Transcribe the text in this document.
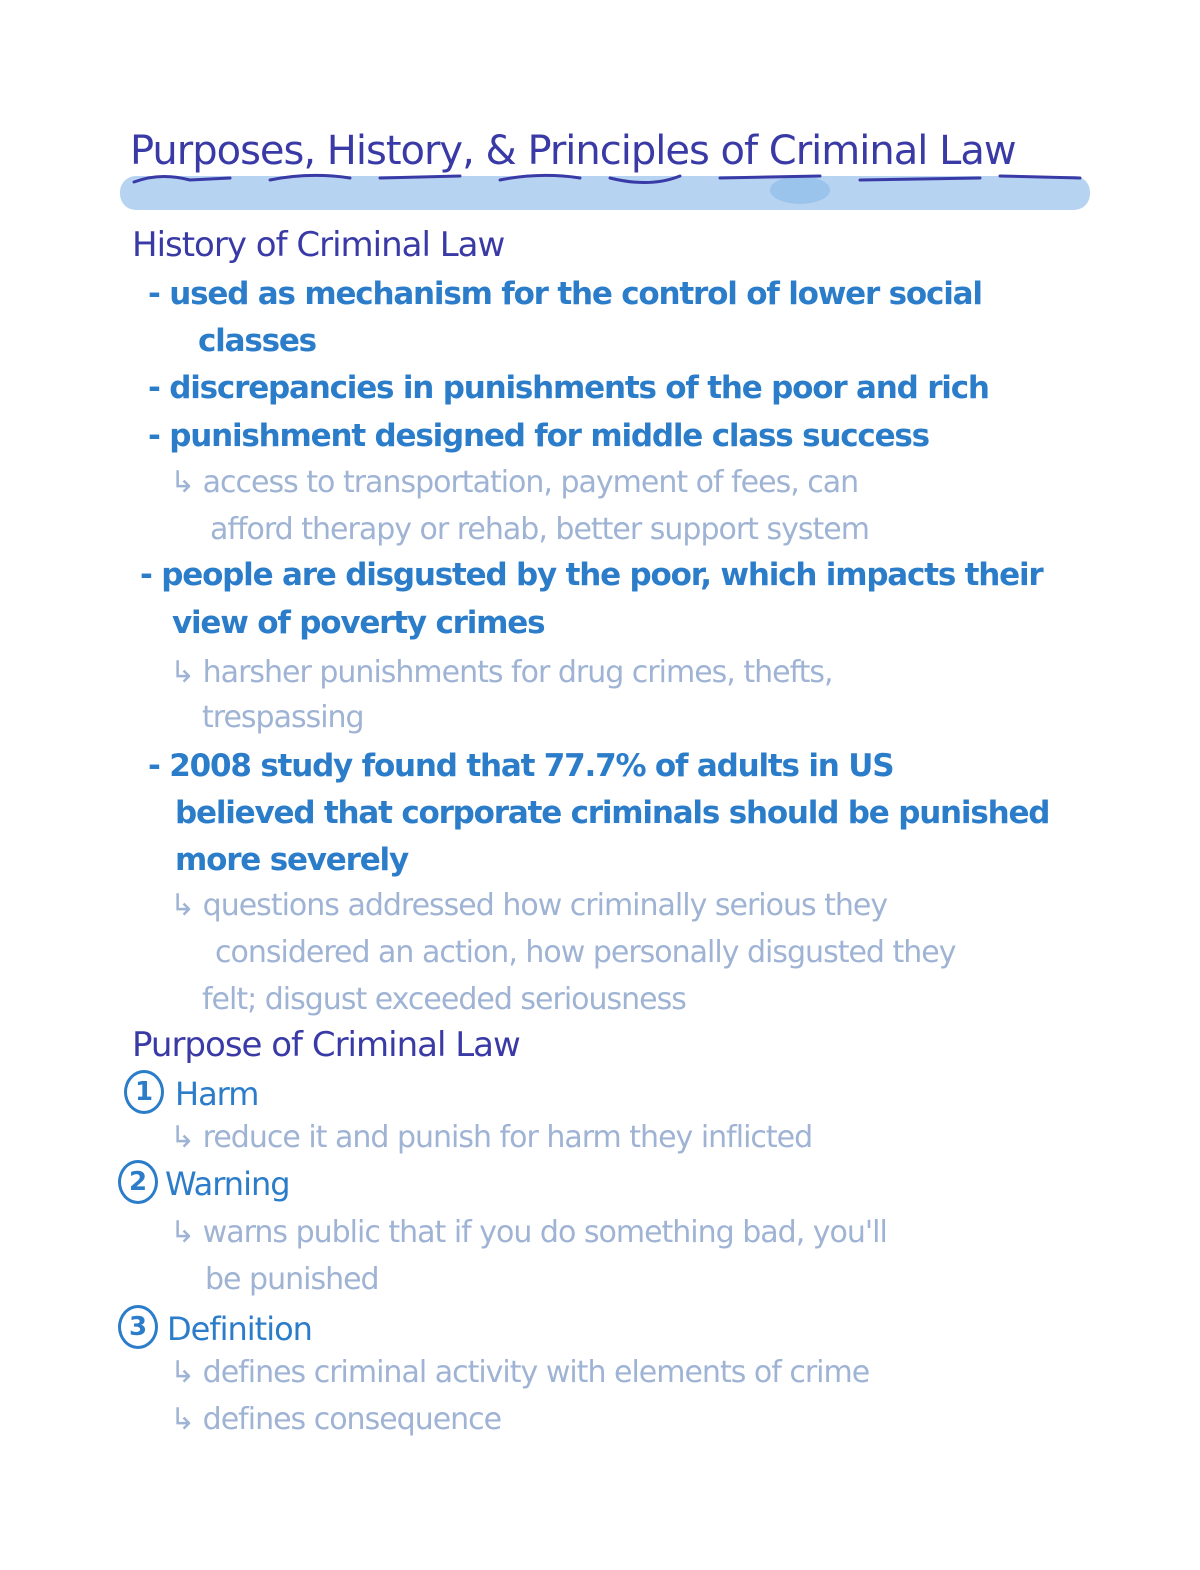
Purposes, History, & Principles of Criminal Law
History of Criminal Law
- used as mechanism for the control of lower social
classes
- discrepancies in punishments of the poor and rich
- punishment designed for middle class success
↳ access to transportation, payment of fees, can
afford therapy or rehab, better support system
- people are disgusted by the poor, which impacts their
view of poverty crimes
↳ harsher punishments for drug crimes, thefts,
trespassing
- 2008 study found that 77.7% of adults in US
believed that corporate criminals should be punished
more severely
↳ questions addressed how criminally serious they
considered an action, how personally disgusted they
felt; disgust exceeded seriousness
Purpose of Criminal Law
1 Harm
↳ reduce it and punish for harm they inflicted
2 Warning
↳ warns public that if you do something bad, you'll
be punished
3 Definition
↳ defines criminal activity with elements of crime
↳ defines consequence
